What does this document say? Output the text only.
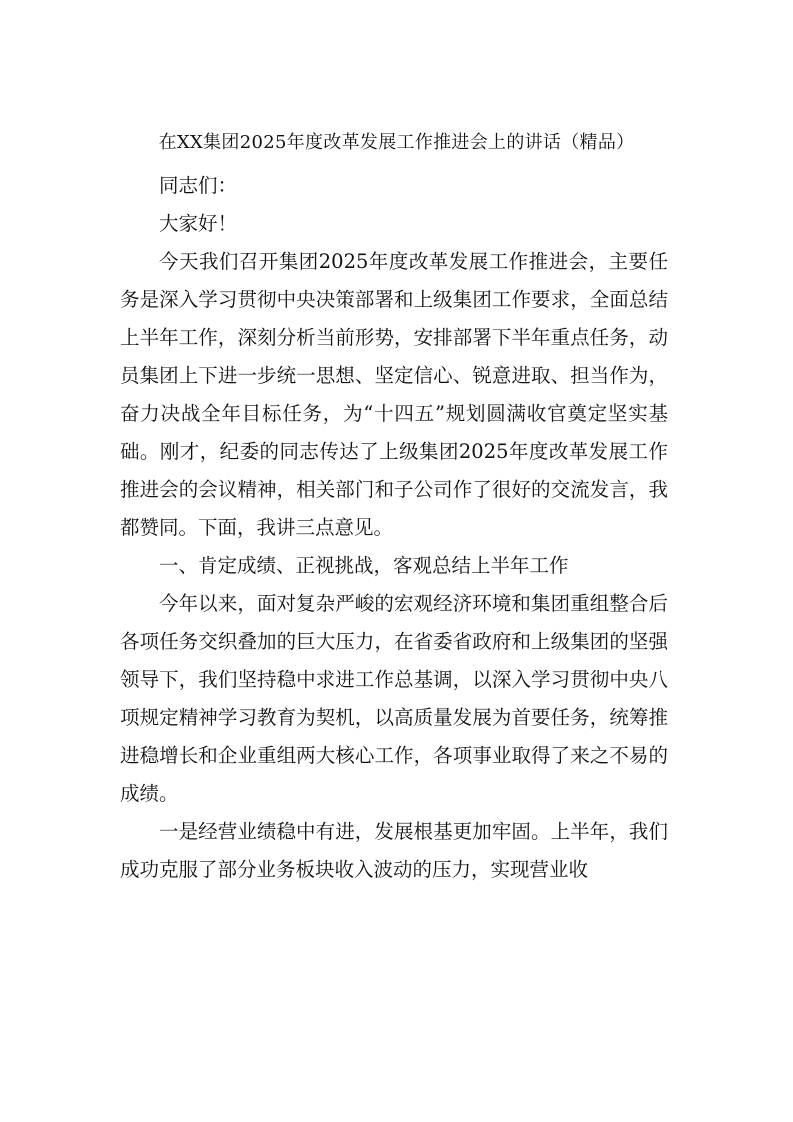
在XX集团2025年度改革发展工作推进会上的讲话（精品）

同志们：

大家好！

今天我们召开集团2025年度改革发展工作推进会，主要任务是深入学习贯彻中央决策部署和上级集团工作要求，全面总结上半年工作，深刻分析当前形势，安排部署下半年重点任务，动员集团上下进一步统一思想、坚定信心、锐意进取、担当作为，奋力决战全年目标任务，为“十四五”规划圆满收官奠定坚实基础。刚才，纪委的同志传达了上级集团2025年度改革发展工作推进会的会议精神，相关部门和子公司作了很好的交流发言，我都赞同。下面，我讲三点意见。

一、肯定成绩、正视挑战，客观总结上半年工作

今年以来，面对复杂严峻的宏观经济环境和集团重组整合后各项任务交织叠加的巨大压力，在省委省政府和上级集团的坚强领导下，我们坚持稳中求进工作总基调，以深入学习贯彻中央八项规定精神学习教育为契机，以高质量发展为首要任务，统筹推进稳增长和企业重组两大核心工作，各项事业取得了来之不易的成绩。

一是经营业绩稳中有进，发展根基更加牢固。上半年，我们成功克服了部分业务板块收入波动的压力，实现营业收
